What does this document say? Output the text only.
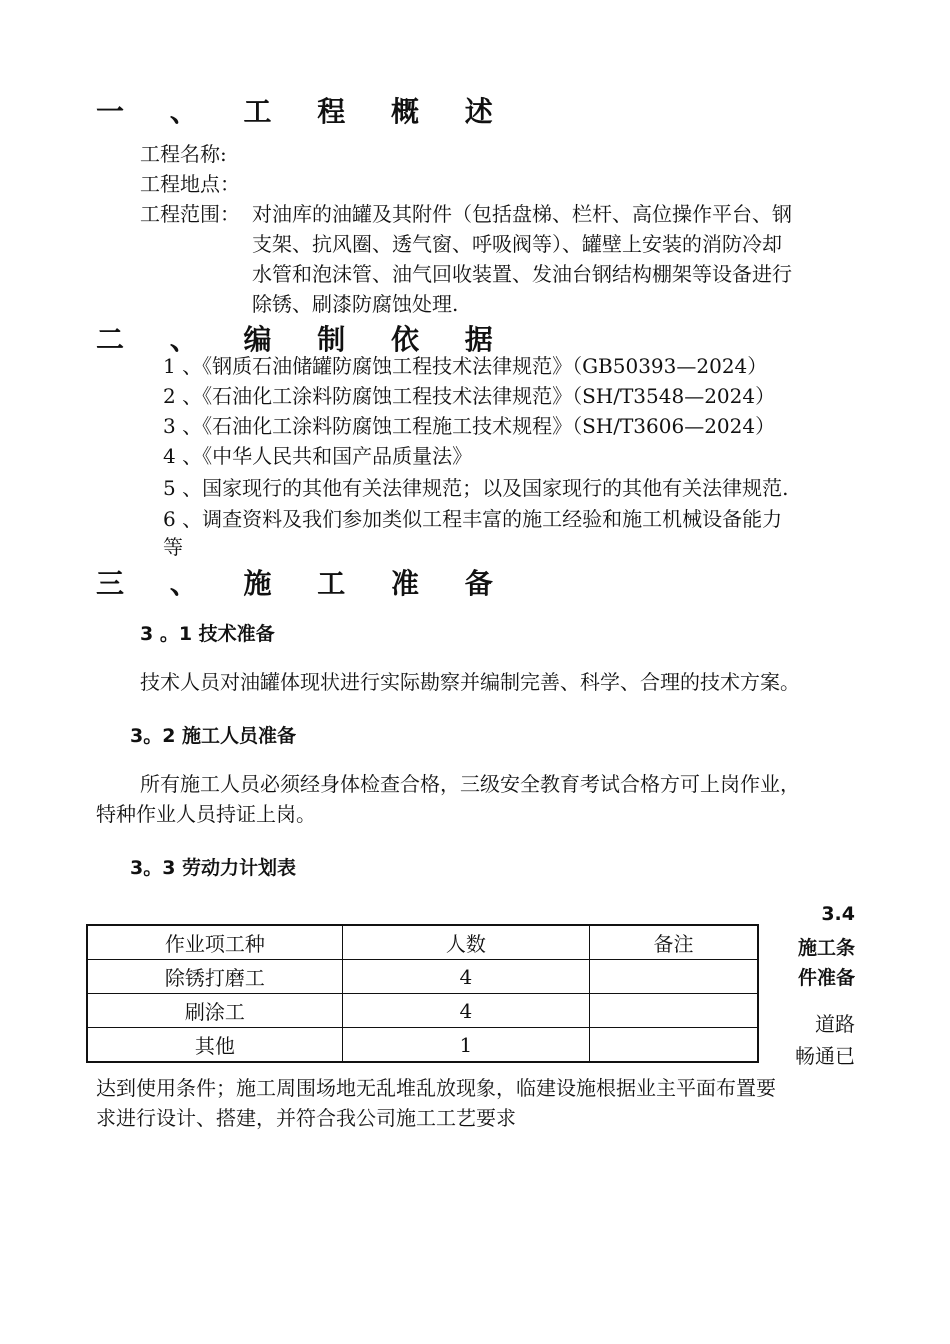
一 、 工 程 概 述
工程名称:
工程地点：
工程范围： 对油库的油罐及其附件（包括盘梯、栏杆、高位操作平台、钢
支架、抗风圈、透气窗、呼吸阀等）、罐壁上安装的消防冷却
水管和泡沫管、油气回收装置、发油台钢结构棚架等设备进行
除锈、刷漆防腐蚀处理.
二 、 编 制 依 据
1 、《钢质石油储罐防腐蚀工程技术法律规范》（GB50393—2024）
2 、《石油化工涂料防腐蚀工程技术法律规范》（SH/T3548—2024）
3 、《石油化工涂料防腐蚀工程施工技术规程》（SH/T3606—2024）
4 、《中华人民共和国产品质量法》
5 、国家现行的其他有关法律规范；以及国家现行的其他有关法律规范.
6 、调查资料及我们参加类似工程丰富的施工经验和施工机械设备能力
等
三 、 施 工 准 备
3 。1 技术准备
技术人员对油罐体现状进行实际勘察并编制完善、科学、合理的技术方案。
3。2 施工人员准备
所有施工人员必须经身体检查合格，三级安全教育考试合格方可上岗作业，
特种作业人员持证上岗。
3。3 劳动力计划表
作业项工种	人数	备注
除锈打磨工	4	
刷涂工	4	
其他	1	
3.4
施工条
件准备
道路
畅通已
达到使用条件；施工周围场地无乱堆乱放现象，临建设施根据业主平面布置要
求进行设计、搭建，并符合我公司施工工艺要求
